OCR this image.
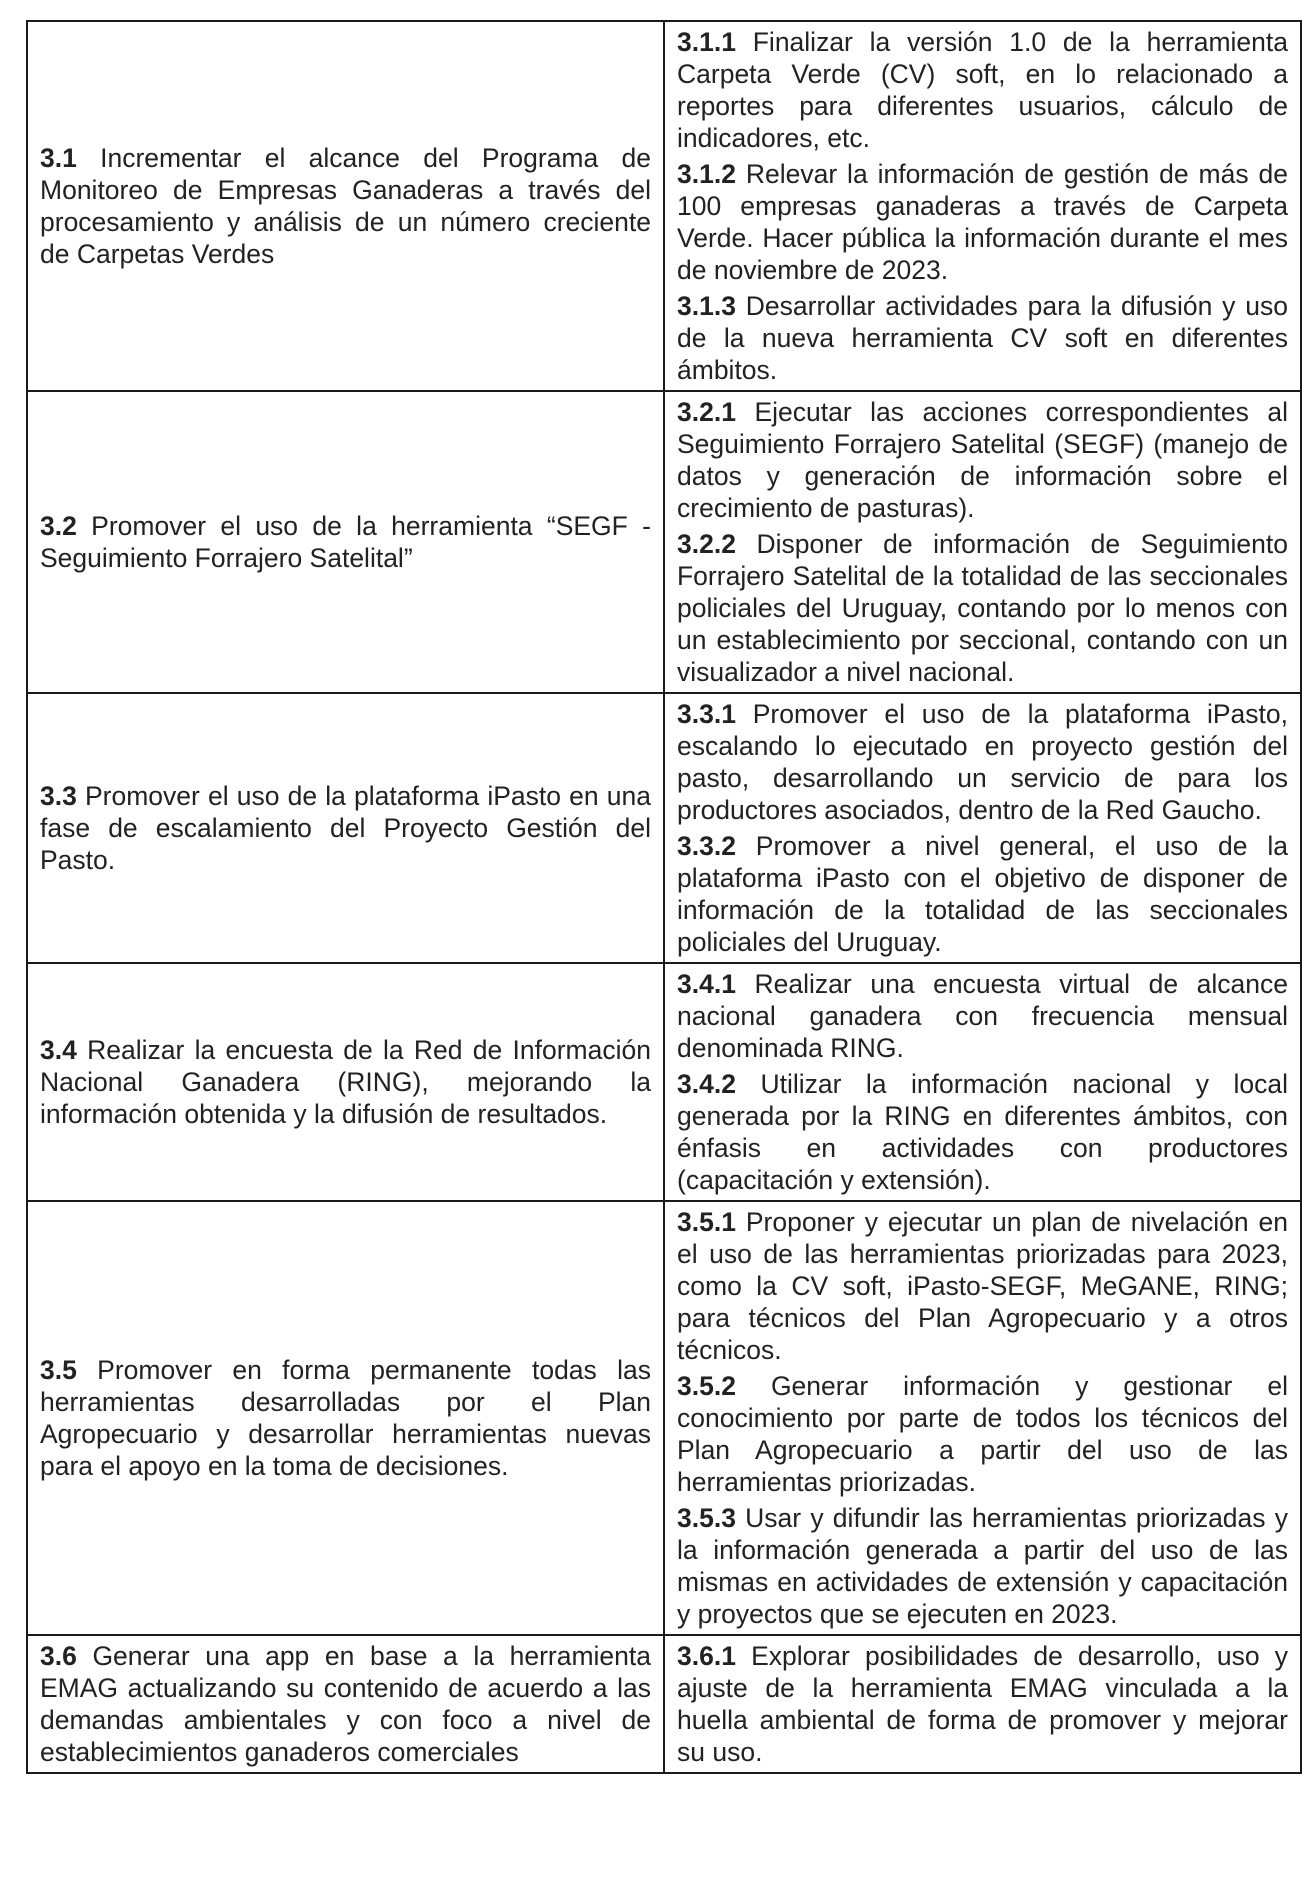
3.1 Incrementar el alcance del Programa de Monitoreo de Empresas Ganaderas a través del procesamiento y análisis de un número creciente de Carpetas Verdes	3.1.1 Finalizar la versión 1.0 de la herramienta Carpeta Verde (CV) soft, en lo relacionado a reportes para diferentes usuarios, cálculo de indicadores, etc.

3.1.2 Relevar la información de gestión de más de 100 empresas ganaderas a través de Carpeta Verde. Hacer pública la información durante el mes de noviembre de 2023.

3.1.3 Desarrollar actividades para la difusión y uso de la nueva herramienta CV soft en diferentes ámbitos.

3.2 Promover el uso de la herramienta “SEGF - Seguimiento Forrajero Satelital”	3.2.1 Ejecutar las acciones correspondientes al Seguimiento Forrajero Satelital (SEGF) (manejo de datos y generación de información sobre el crecimiento de pasturas).

3.2.2 Disponer de información de Seguimiento Forrajero Satelital de la totalidad de las seccionales policiales del Uruguay, contando por lo menos con un establecimiento por seccional, contando con un visualizador a nivel nacional.

3.3 Promover el uso de la plataforma iPasto en una fase de escalamiento del Proyecto Gestión del Pasto.	3.3.1 Promover el uso de la plataforma iPasto, escalando lo ejecutado en proyecto gestión del pasto, desarrollando un servicio de para los productores asociados, dentro de la Red Gaucho.

3.3.2 Promover a nivel general, el uso de la plataforma iPasto con el objetivo de disponer de información de la totalidad de las seccionales policiales del Uruguay.

3.4 Realizar la encuesta de la Red de Información Nacional Ganadera (RING), mejorando la información obtenida y la difusión de resultados.	3.4.1 Realizar una encuesta virtual de alcance nacional ganadera con frecuencia mensual denominada RING.

3.4.2 Utilizar la información nacional y local generada por la RING en diferentes ámbitos, con énfasis en actividades con productores (capacitación y extensión).

3.5 Promover en forma permanente todas las herramientas desarrolladas por el Plan Agropecuario y desarrollar herramientas nuevas para el apoyo en la toma de decisiones.	3.5.1 Proponer y ejecutar un plan de nivelación en el uso de las herramientas priorizadas para 2023, como la CV soft, iPasto-SEGF, MeGANE, RING; para técnicos del Plan Agropecuario y a otros técnicos.

3.5.2 Generar información y gestionar el conocimiento por parte de todos los técnicos del Plan Agropecuario a partir del uso de las herramientas priorizadas.

3.5.3 Usar y difundir las herramientas priorizadas y la información generada a partir del uso de las mismas en actividades de extensión y capacitación y proyectos que se ejecuten en 2023.

3.6 Generar una app en base a la herramienta EMAG actualizando su contenido de acuerdo a las demandas ambientales y con foco a nivel de establecimientos ganaderos comerciales	3.6.1 Explorar posibilidades de desarrollo, uso y ajuste de la herramienta EMAG vinculada a la huella ambiental de forma de promover y mejorar su uso.
